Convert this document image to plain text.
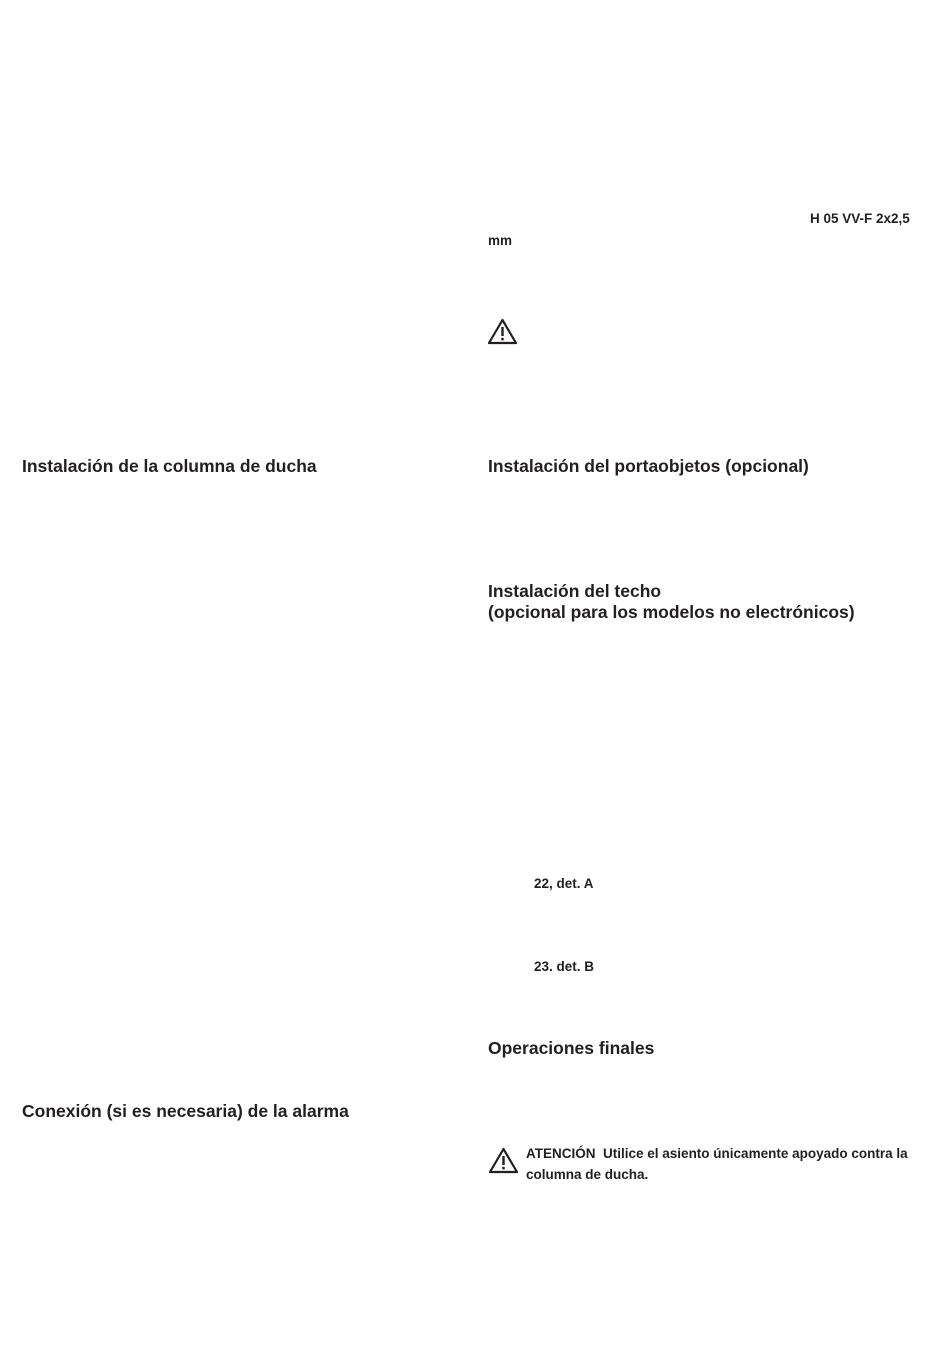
H 05 VV-F 2x2,5
mm
Instalación de la columna de ducha
Conexión (si es necesaria) de la alarma
Instalación del portaobjetos (opcional)
Instalación del techo
(opcional para los modelos no electrónicos)
22, det. A
23. det. B
Operaciones finales
ATENCIÓN Utilice el asiento únicamente apoyado contra la columna de ducha.
